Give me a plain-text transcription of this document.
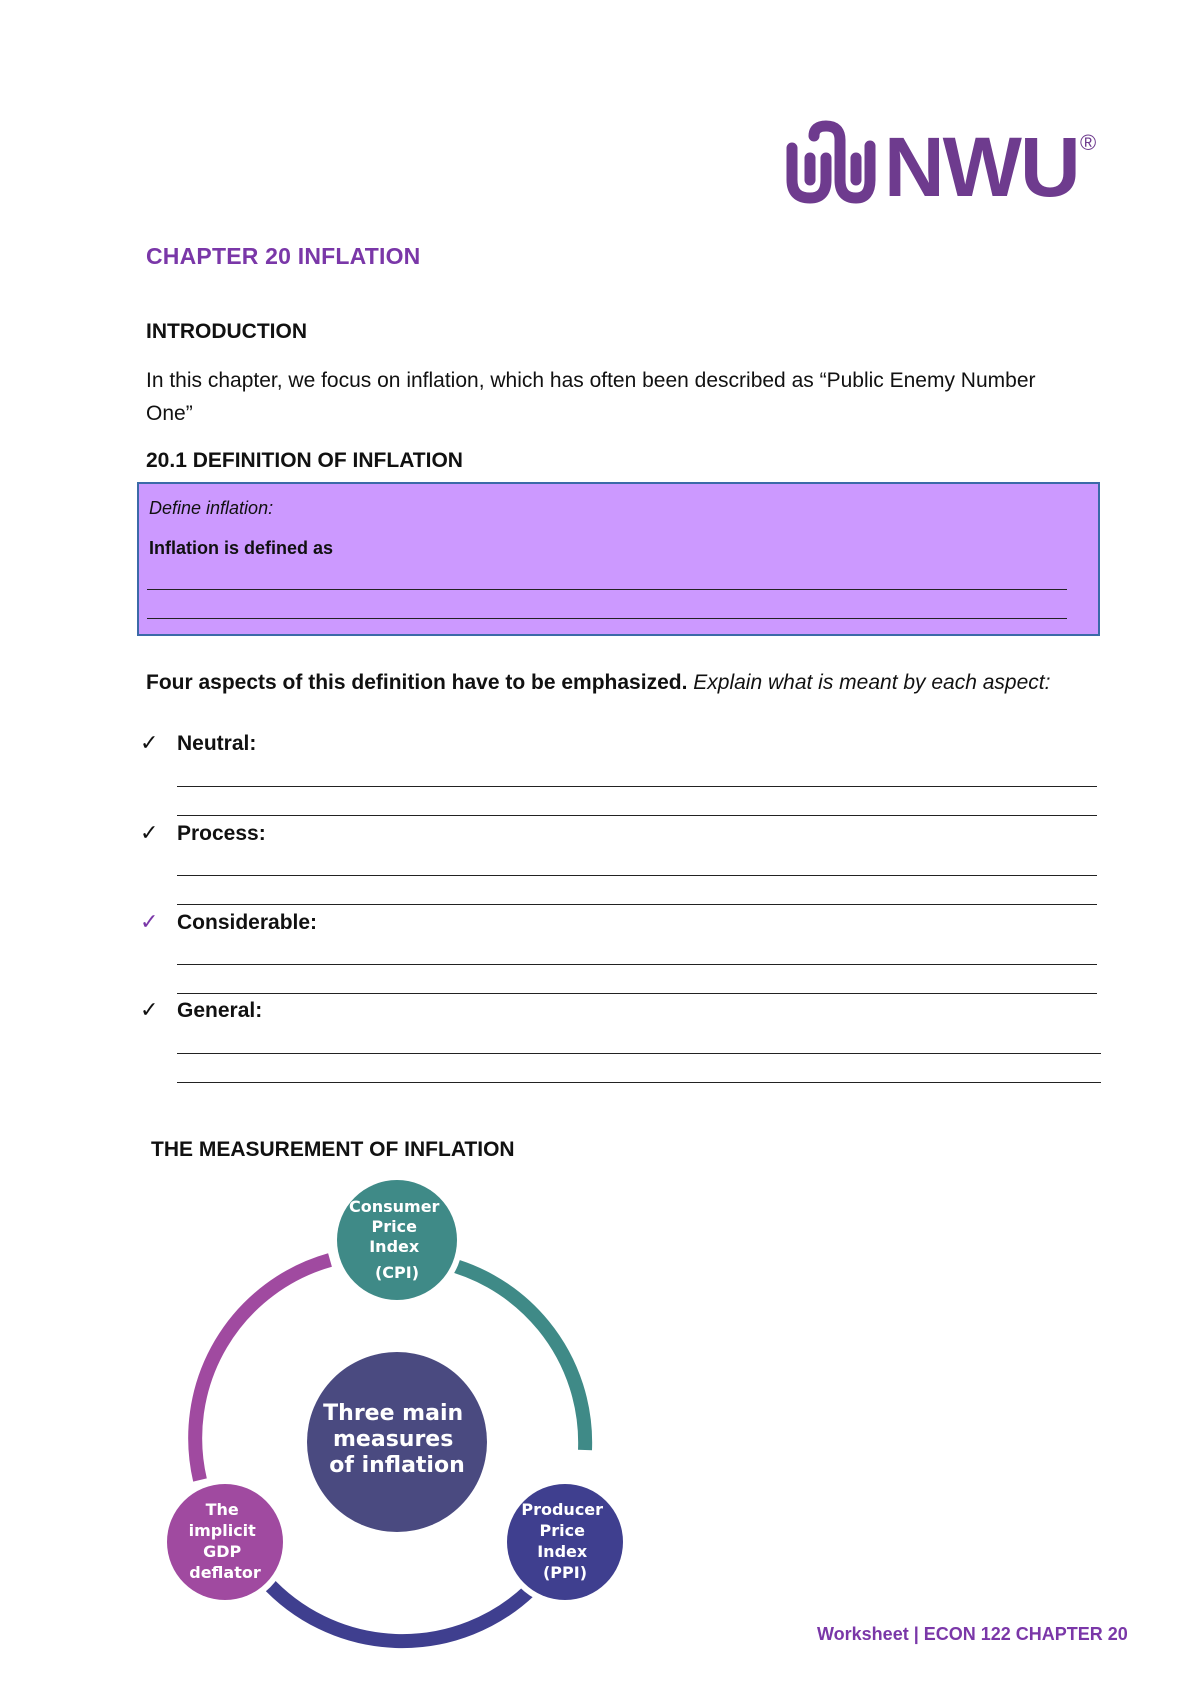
NWU ®
CHAPTER 20 INFLATION
INTRODUCTION
In this chapter, we focus on inflation, which has often been described as “Public Enemy Number One”
20.1 DEFINITION OF INFLATION
Define inflation:
Inflation is defined as
Four aspects of this definition have to be emphasized. Explain what is meant by each aspect:
✓ Neutral:
✓ Process:
✓ Considerable:
✓ General:
THE MEASUREMENT OF INFLATION
Three main measures of inflation
Consumer Price Index (CPI)
Producer Price Index (PPI)
The implicit GDP deflator
Worksheet | ECON 122 CHAPTER 20
